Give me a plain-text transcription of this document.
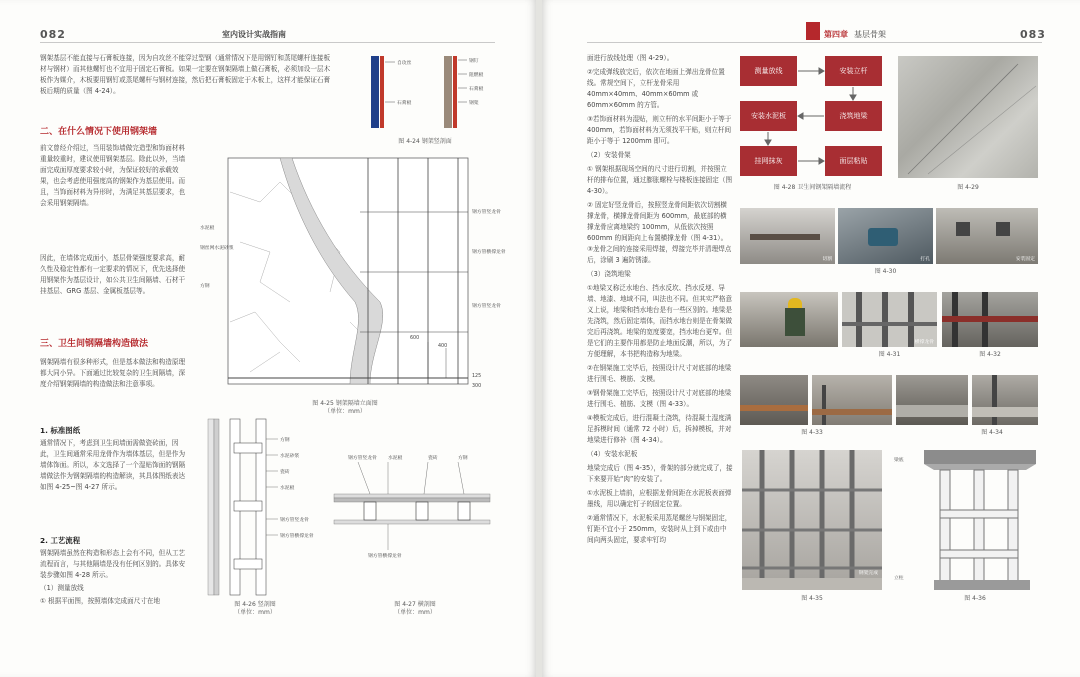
082	室内设计实战指南
钢架基层不能直接与石膏板连接，因为自攻丝不能穿过型钢（通常情况下是用钢钉和蒸尾螺杆连接板材与钢材）而其他螺钉也不宜用于固定石膏板。如果一定要在钢架隔墙上做石膏板，必须加设一层木板作为媒介，木板要用钢钉或蒸尾螺杆与钢材连接，然后把石膏板固定于木板上，这样才能保证石膏板后期的质量（图 4-24）。
二、在什么情况下使用钢架墙
前文曾经介绍过，当用装饰墙做完造型和饰面材料重量较重时，建议使用钢架基层。除此以外，当墙面完成面厚度要求较小时，为保证较好的承载效果，也会考虑使用强度高的钢架作为基层使用。而且，当饰面材料为异形时，为满足其基层要求，也会采用钢架隔墙。
因此，在墙体完成面小，基层骨架强度要求高，耐久性及稳定性都有一定要求的情况下，优先选择使用钢架作为基层设计，如公共卫生间隔墙、石材干挂基层、GRG 基层、金属板基层等。
三、卫生间钢隔墙构造做法
钢架隔墙有很多种形式，但是基本做法和构造原理都大同小异。下面通过比较复杂的卫生间隔墙，深度介绍钢架隔墙的构造做法和注意事项。
1. 标准图纸
通常情况下，考虑到卫生间墙面需做瓷砖面，因此，卫生间通常采用龙骨作为墙体基层，但是作为墙体饰面。所以，本文选择了一个湿贴饰面的钢隔墙做法作为钢架隔墙的构造解读，其具体图纸表达如图 4-25~图 4-27 所示。
2. 工艺流程
钢架隔墙虽然在构造和形态上会有不同，但从工艺流程而言，与其他隔墙是没有任何区别的。具体安装步骤如图 4-28 所示。
（1）测量放线
① 根据平面图，按照墙体完成面尺寸在地
自攻丝
石膏板
钢钉
阻燃板
石膏板
钢架
图 4-24 钢架竖剖面
水泥板
钢丝网水泥砂浆
方钢
钢方管竖龙骨
钢方管横撑龙骨
钢方管竖龙骨
600
400
125
300
图 4-25 钢架隔墙立面图
（单位：mm）
方钢
水泥砂浆
瓷砖
水泥板
钢方管竖龙骨
钢方管横撑龙骨
图 4-26 竖剖图
（单位：mm）
钢方管竖龙骨 水泥板	瓷砖	方钢
钢方管横撑龙骨
图 4-27 横剖图
（单位：mm）
第四章 基层骨架	083

面进行放线处理（图 4-29）。

②完成弹线放完后，依次在地面上弹出龙骨位置线。常规空间下，立杆龙骨采用 40mm×40mm、40mm×60mm 或 60mm×60mm 的方管。

③若饰面材料为湿贴，则立杆的水平间距小于等于 400mm，若饰面材料为无须找平干贴，则立杆间距小于等于 1200mm 即可。

（2）安装骨架

① 钢架根据现场空间的尺寸进行切割，并按照立杆的排布位置，通过膨胀螺栓与楼板连接固定（图 4-30）。

② 固定好竖龙骨后，按照竖龙骨间距依次切割横撑龙骨，横撑龙骨间距为 600mm，最底部的横撑龙骨应离地梁约 100mm，从低依次按照 600mm 的间距向上布置横撑龙骨（图 4-31）。③龙骨之间的连接采用焊接，焊接完毕并清理焊点后，涂刷 3 遍防锈漆。

（3）浇筑地梁

①地梁又称泛水地台、挡水反坎、挡水反埂、导墙、地漆、地域不同，叫法也不同。但其实严格意义上说，地梁和挡水地台是有一些区别的。地梁是先浇筑，然后固定墙体，而挡水地台则是在骨架做完后再浇筑。地梁的宽度要宽，挡水地台更窄。但是它们的主要作用都是防止地面反潮，所以，为了方便理解，本书把构造称为地梁。

②在钢架施工完毕后，按照设计尺寸对底部的地梁进行围毛、模筋、支模。

③钢骨架施工完毕后，按照设计尺寸对底部的地梁进行围毛、植筋、支模（图 4-33）。

④模板完成后，进行混凝土浇筑，待混凝土湿度满足拆模时间（通常 72 小时）后，拆掉模板，并对地梁进行修补（图 4-34）。

（4）安装水泥板

地梁完成后（图 4-35），骨架的部分就完成了，接下来要开始“肉”的安装了。

①水泥板上墙前，应根据龙骨间距在水泥板表面弹墨线，用以确定钉子的固定位置。

②通常情况下，水泥板采用蒸尾螺丝与钢架固定，钉距不宜小于 250mm，安装时从上到下或由中间向两头固定，要求牢钉均

测量放线	安装立杆
浇筑地梁
安装水泥板
挂网抹灰	面层粘贴
图 4-28 卫生间钢架隔墙流程	图 4-29
切割	打孔	安装固定
图 4-30
横撑龙骨
图 4-31	图 4-32
图 4-33	图 4-34
钢架完成
图 4-35
梁底
立柱
图 4-36
